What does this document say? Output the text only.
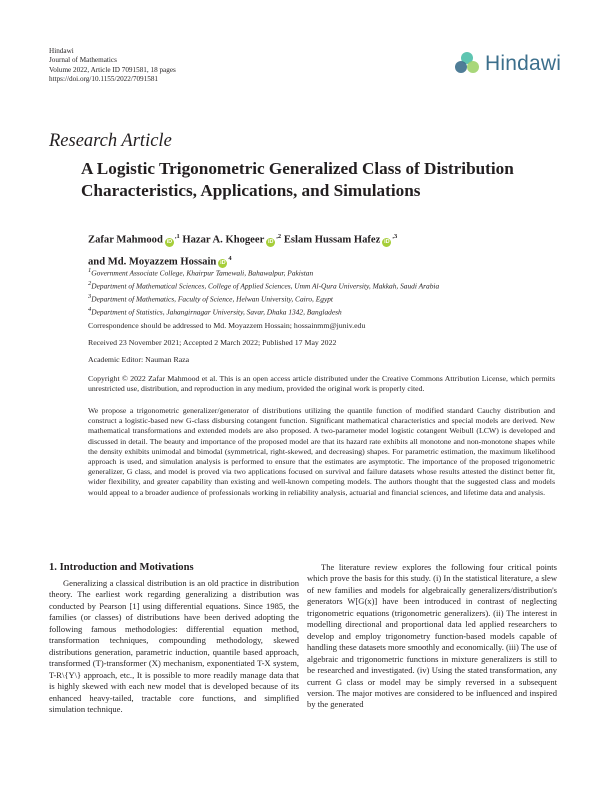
Hindawi
Journal of Mathematics
Volume 2022, Article ID 7091581, 18 pages
https://doi.org/10.1155/2022/7091581
Hindawi
Research Article
A Logistic Trigonometric Generalized Class of Distribution Characteristics, Applications, and Simulations
Zafar Mahmood $iD^{,1}$ Hazar A. Khogeer $iD^{,2}$ Eslam Hussam Hafez $iD^{,3}$
and Md. Moyazzem Hossain $iD^4$
$^1$Government Associate College, Khairpur Tamewali, Bahawalpur, Pakistan
$^2$Department of Mathematical Sciences, College of Applied Sciences, Umm Al-Qura University, Makkah, Saudi Arabia
$^3$Department of Mathematics, Faculty of Science, Helwan University, Cairo, Egypt
$^4$Department of Statistics, Jahangirnagar University, Savar, Dhaka 1342, Bangladesh
Correspondence should be addressed to Md. Moyazzem Hossain; hossainmm@juniv.edu
Received 23 November 2021; Accepted 2 March 2022; Published 17 May 2022
Academic Editor: Nauman Raza
Copyright © 2022 Zafar Mahmood et al. This is an open access article distributed under the Creative Commons Attribution License, which permits unrestricted use, distribution, and reproduction in any medium, provided the original work is properly cited.
We propose a trigonometric generalizer/generator of distributions utilizing the quantile function of modified standard Cauchy distribution and construct a logistic-based new G-class disbursing cotangent function. Significant mathematical characteristics and special models are derived. New mathematical transformations and extended models are also proposed. A two-parameter model logistic cotangent Weibull (LCW) is developed and discussed in detail. The beauty and importance of the proposed model are that its hazard rate exhibits all monotone and non-monotone shapes while the density exhibits unimodal and bimodal (symmetrical, right-skewed, and decreasing) shapes. For parametric estimation, the maximum likelihood approach is used, and simulation analysis is performed to ensure that the estimates are asymptotic. The importance of the proposed trigonometric generalizer, G class, and model is proved via two applications focused on survival and failure datasets whose results attested the distinct better fit, wider flexibility, and greater capability than existing and well-known competing models. The authors thought that the suggested class and models would appeal to a broader audience of professionals working in reliability analysis, actuarial and financial sciences, and lifetime data and analysis.
1. Introduction and Motivations
Generalizing a classical distribution is an old practice in distribution theory. The earliest work regarding generalizing a distribution was conducted by Pearson [1] using differential equations. Since 1985, the families (or classes) of distributions have been derived adopting the following famous methodologies: differential equation method, transformation techniques, compounding methodology, skewed distributions generation, parametric induction, quantile based approach, transformed (T)-transformer (X) mechanism, exponentiated T-X system, T-R\{Y\} approach, etc., It is possible to more readily manage data that is highly skewed with each new model that is developed because of its enhanced heavy-tailed, tractable core functions, and simplified simulation technique.
The literature review explores the following four critical points which prove the basis for this study. (i) In the statistical literature, a slew of new families and models for algebraically generalizers/distribution's generators W[G(x)] have been introduced in contrast of neglecting trigonometric equations (trigonometric generalizers). (ii) The interest in modelling directional and proportional data led applied researchers to develop and employ trigonometry function-based models capable of handling these datasets more smoothly and economically. (iii) The use of algebraic and trigonometric functions in mixture generalizers is still to be researched and investigated. (iv) Using the stated transformation, any current G class or model may be simply reversed in a subsequent version. The major motives are considered to be influenced and inspired by the generated
